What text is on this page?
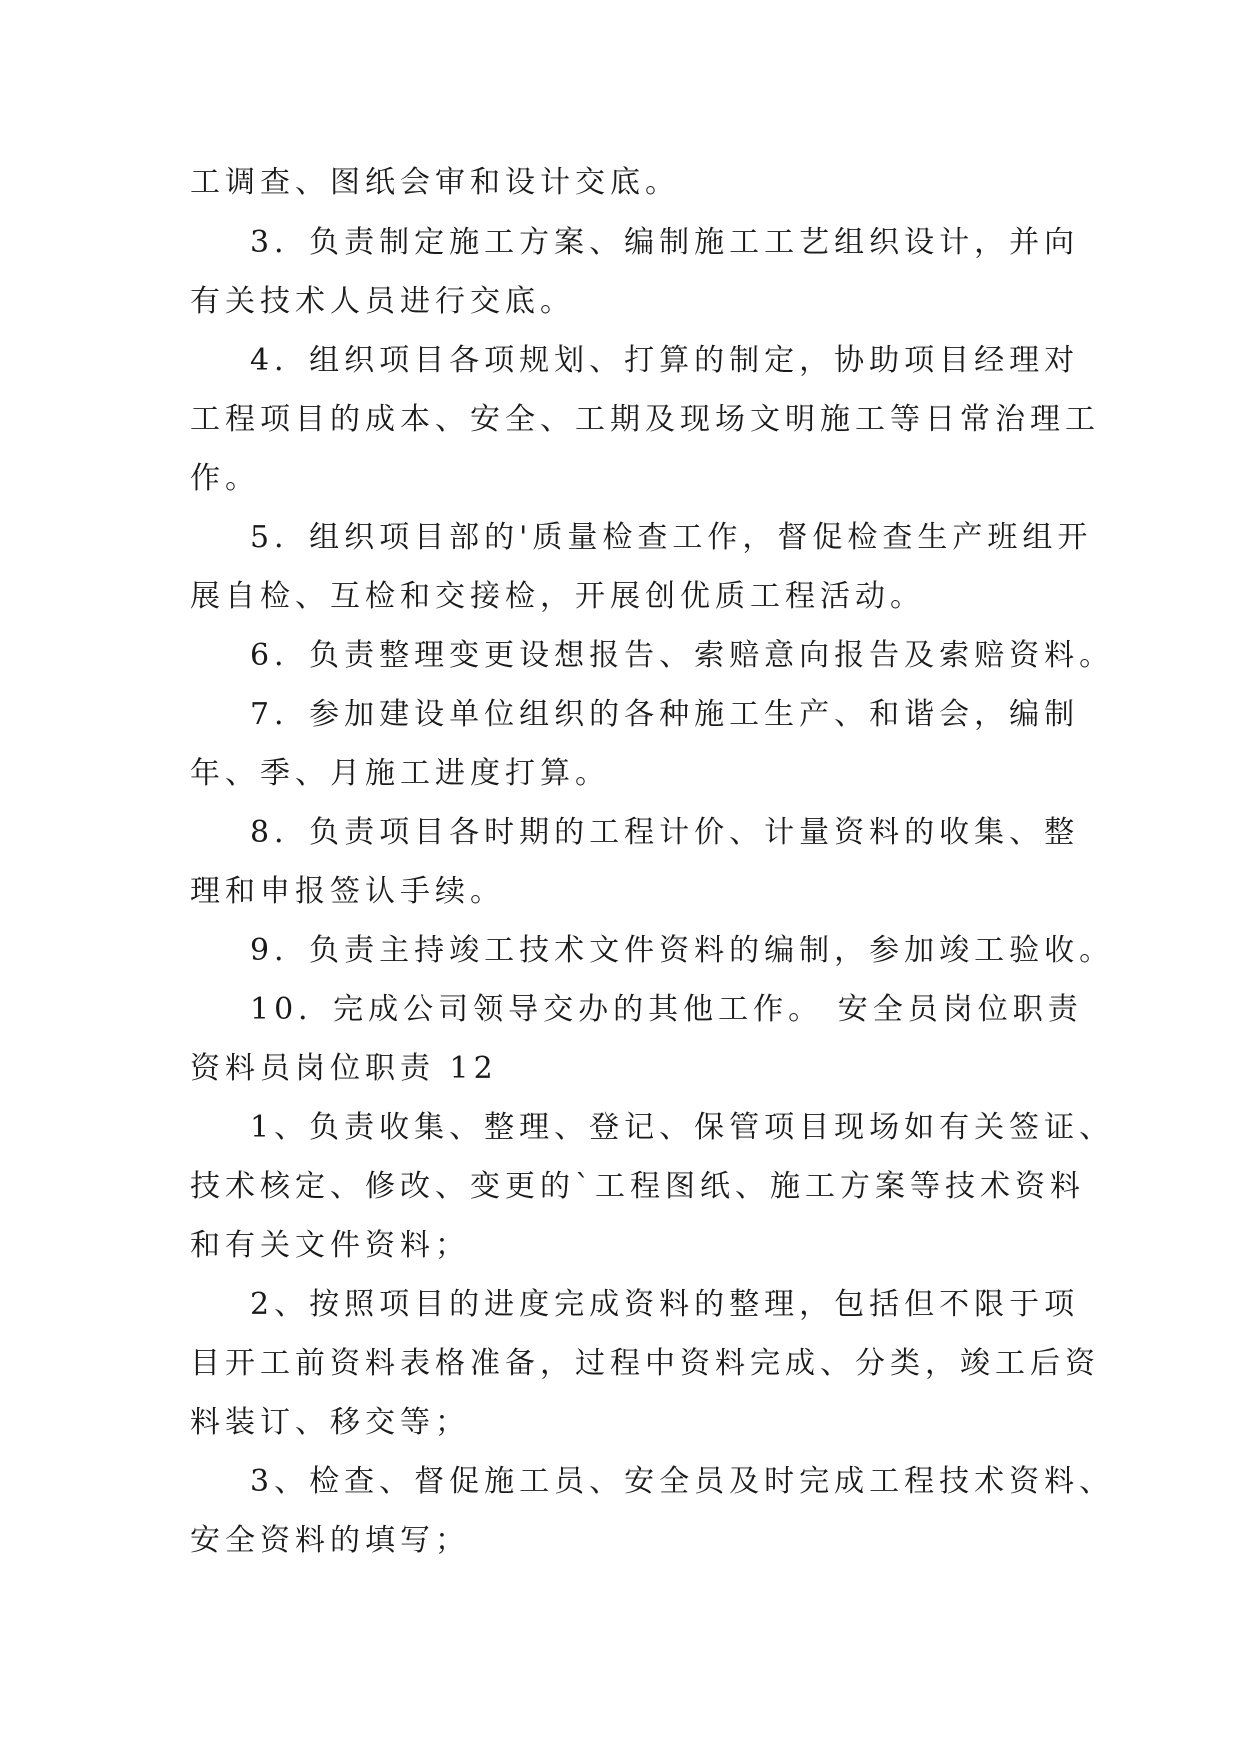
工调查、图纸会审和设计交底。
3．负责制定施工方案、编制施工工艺组织设计，并向
有关技术人员进行交底。
4．组织项目各项规划、打算的制定，协助项目经理对
工程项目的成本、安全、工期及现场文明施工等日常治理工
作。
5．组织项目部的'质量检查工作，督促检查生产班组开
展自检、互检和交接检，开展创优质工程活动。
6．负责整理变更设想报告、索赔意向报告及索赔资料。
7．参加建设单位组织的各种施工生产、和谐会，编制
年、季、月施工进度打算。
8．负责项目各时期的工程计价、计量资料的收集、整
理和申报签认手续。
9．负责主持竣工技术文件资料的编制，参加竣工验收。
10．完成公司领导交办的其他工作。 安全员岗位职责
资料员岗位职责 12
1、负责收集、整理、登记、保管项目现场如有关签证、
技术核定、修改、变更的`工程图纸、施工方案等技术资料
和有关文件资料；
2、按照项目的进度完成资料的整理，包括但不限于项
目开工前资料表格准备，过程中资料完成、分类，竣工后资
料装订、移交等；
3、检查、督促施工员、安全员及时完成工程技术资料、
安全资料的填写；
